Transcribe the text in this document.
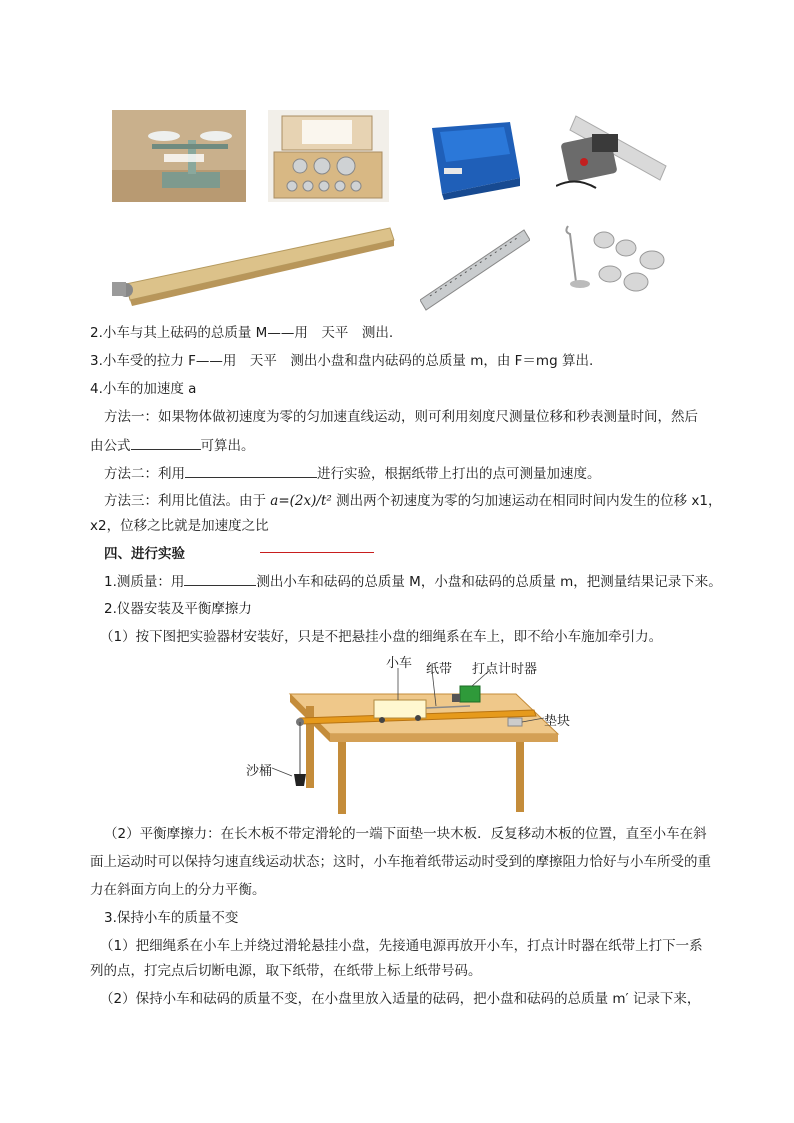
2.小车与其上砝码的总质量 M——用　天平　测出.
3.小车受的拉力 F——用　天平　测出小盘和盘内砝码的总质量 m，由 F＝mg 算出.
4.小车的加速度 a
方法一：如果物体做初速度为零的匀加速直线运动，则可利用刻度尺测量位移和秒表测量时间，然后
由公式	可算出。
方法二：利用	进行实验，根据纸带上打出的点可测量加速度。
方法三：利用比值法。由于 a=(2x)/t² 测出两个初速度为零的匀加速运动在相同时间内发生的位移 x1，
x2，位移之比就是加速度之比
四、进行实验
1.测质量：用	测出小车和砝码的总质量 M，小盘和砝码的总质量 m，把测量结果记录下来。
2.仪器安装及平衡摩擦力
（1）按下图把实验器材安装好，只是不把悬挂小盘的细绳系在车上，即不给小车施加牵引力。
小车 纸带 打点计时器
垫块
沙桶
（2）平衡摩擦力：在长木板不带定滑轮的一端下面垫一块木板．反复移动木板的位置，直至小车在斜
面上运动时可以保持匀速直线运动状态；这时，小车拖着纸带运动时受到的摩擦阻力恰好与小车所受的重
力在斜面方向上的分力平衡。
3.保持小车的质量不变
（1）把细绳系在小车上并绕过滑轮悬挂小盘，先接通电源再放开小车，打点计时器在纸带上打下一系
列的点，打完点后切断电源，取下纸带，在纸带上标上纸带号码。
（2）保持小车和砝码的质量不变，在小盘里放入适量的砝码，把小盘和砝码的总质量 m′ 记录下来，
